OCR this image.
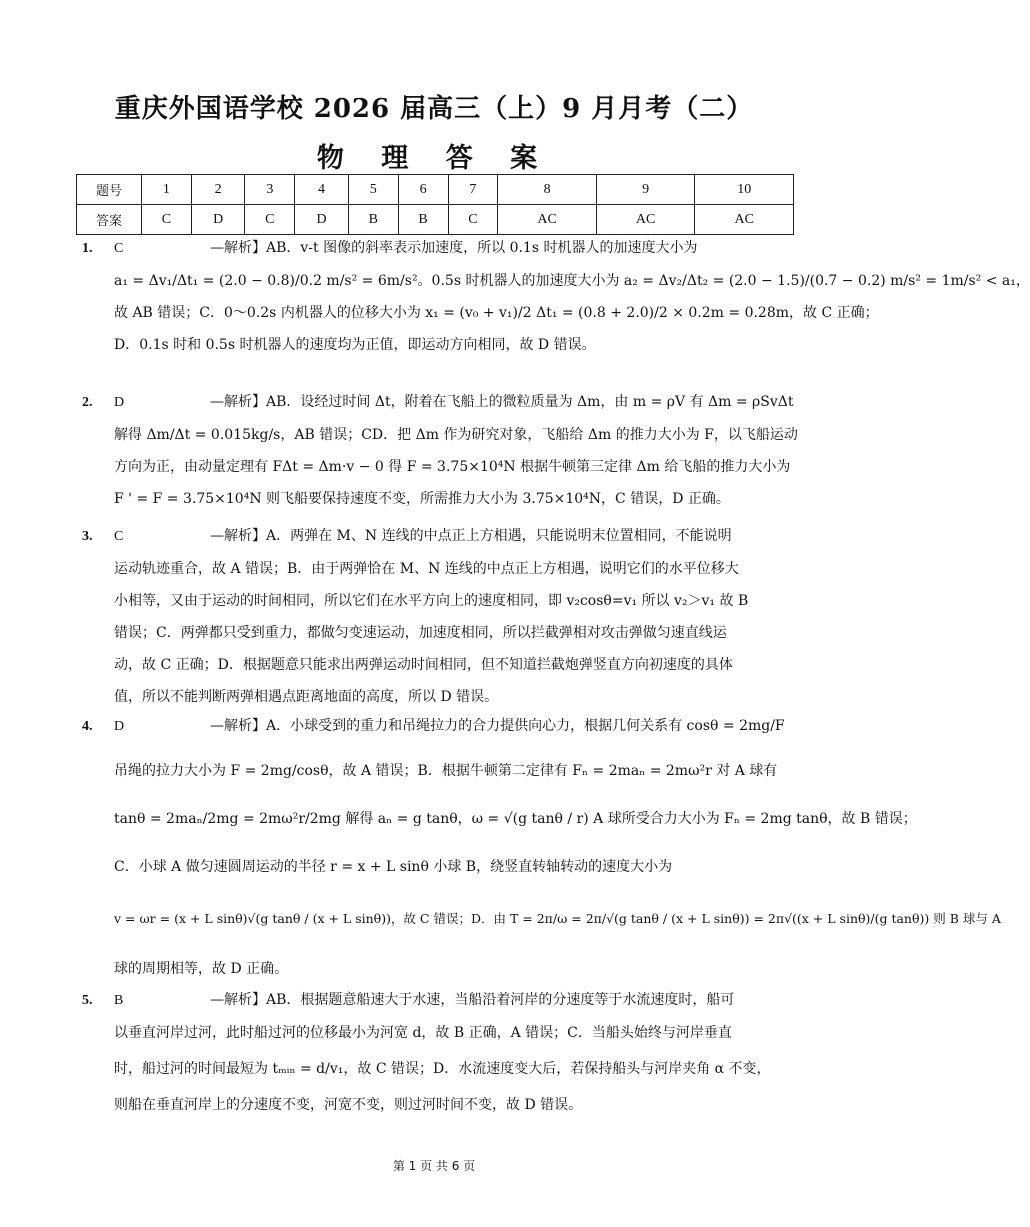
重庆外国语学校 2026 届高三（上）9 月月考（二）
物 理 答 案
题号	1	2	3	4	5	6	7	8	9	10
答案	C	D	C	D	B	B	C	AC	AC	AC
1. C	—解析】AB．v-t 图像的斜率表示加速度，所以 0.1s 时机器人的加速度大小为
a₁ = Δv₁/Δt₁ = (2.0 − 0.8)/0.2 m/s² = 6m/s²。0.5s 时机器人的加速度大小为 a₂ = Δv₂/Δt₂ = (2.0 − 1.5)/(0.7 − 0.2) m/s² = 1m/s² < a₁，
故 AB 错误；C．0～0.2s 内机器人的位移大小为 x₁ = (v₀ + v₁)/2 Δt₁ = (0.8 + 2.0)/2 × 0.2m = 0.28m，故 C 正确；
D．0.1s 时和 0.5s 时机器人的速度均为正值，即运动方向相同，故 D 错误。
2. D	—解析】AB．设经过时间 Δt，附着在飞船上的微粒质量为 Δm，由 m = ρV 有 Δm = ρSvΔt
解得 Δm/Δt = 0.015kg/s，AB 错误；CD．把 Δm 作为研究对象，飞船给 Δm 的推力大小为 F，以飞船运动
方向为正，由动量定理有 FΔt = Δm·v − 0 得 F = 3.75×10⁴N 根据牛顿第三定律 Δm 给飞船的推力大小为
F ' = F = 3.75×10⁴N 则飞船要保持速度不变，所需推力大小为 3.75×10⁴N，C 错误，D 正确。
3. C	—解析】A．两弹在 M、N 连线的中点正上方相遇，只能说明末位置相同，不能说明
运动轨迹重合，故 A 错误；B．由于两弹恰在 M、N 连线的中点正上方相遇，说明它们的水平位移大
小相等，又由于运动的时间相同，所以它们在水平方向上的速度相同，即 v₂cosθ=v₁ 所以 v₂＞v₁ 故 B
错误；C．两弹都只受到重力，都做匀变速运动，加速度相同，所以拦截弹相对攻击弹做匀速直线运
动，故 C 正确；D．根据题意只能求出两弹运动时间相同，但不知道拦截炮弹竖直方向初速度的具体
值，所以不能判断两弹相遇点距离地面的高度，所以 D 错误。
4. D	—解析】A．小球受到的重力和吊绳拉力的合力提供向心力，根据几何关系有 cosθ = 2mg/F
吊绳的拉力大小为 F = 2mg/cosθ，故 A 错误；B．根据牛顿第二定律有 Fₙ = 2maₙ = 2mω²r 对 A 球有
tanθ = 2maₙ/2mg = 2mω²r/2mg 解得 aₙ = g tanθ，ω = √(g tanθ / r) A 球所受合力大小为 Fₙ = 2mg tanθ，故 B 错误；
C．小球 A 做匀速圆周运动的半径 r = x + L sinθ 小球 B，绕竖直转轴转动的速度大小为
v = ωr = (x + L sinθ)√(g tanθ / (x + L sinθ))，故 C 错误；D．由 T = 2π/ω = 2π/√(g tanθ / (x + L sinθ)) = 2π√((x + L sinθ)/(g tanθ)) 则 B 球与 A
球的周期相等，故 D 正确。
5. B	—解析】AB．根据题意船速大于水速，当船沿着河岸的分速度等于水流速度时，船可
以垂直河岸过河，此时船过河的位移最小为河宽 d，故 B 正确，A 错误；C．当船头始终与河岸垂直
时，船过河的时间最短为 tₘᵢₙ = d/v₁，故 C 错误；D．水流速度变大后，若保持船头与河岸夹角 α 不变，
则船在垂直河岸上的分速度不变，河宽不变，则过河时间不变，故 D 错误。
第 1 页 共 6 页
